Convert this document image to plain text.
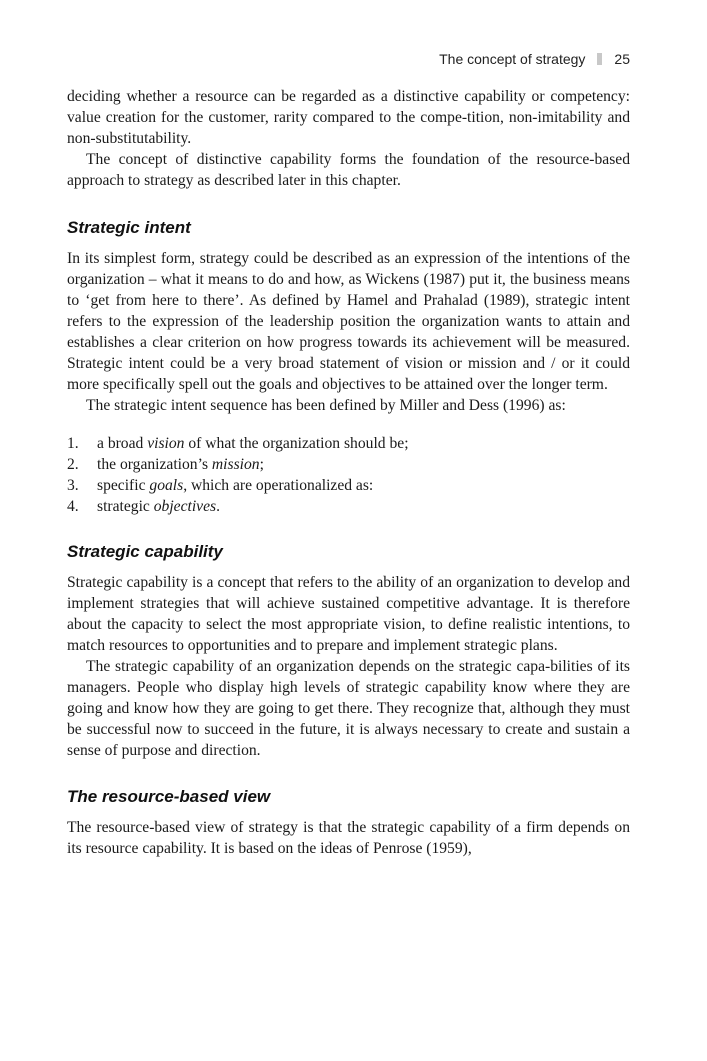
The concept of strategy 25

deciding whether a resource can be regarded as a distinctive capability or competency: value creation for the customer, rarity compared to the compe-tition, non-imitability and non-substitutability.

The concept of distinctive capability forms the foundation of the resource-based approach to strategy as described later in this chapter.

Strategic intent

In its simplest form, strategy could be described as an expression of the intentions of the organization – what it means to do and how, as Wickens (1987) put it, the business means to ‘get from here to there’. As defined by Hamel and Prahalad (1989), strategic intent refers to the expression of the leadership position the organization wants to attain and establishes a clear criterion on how progress towards its achievement will be measured. Strategic intent could be a very broad statement of vision or mission and / or it could more specifically spell out the goals and objectives to be attained over the longer term.

The strategic intent sequence has been defined by Miller and Dess (1996) as:

1.	a broad vision of what the organization should be;
2.	the organization’s mission;
3.	specific goals, which are operationalized as:
4.	strategic objectives.
Strategic capability

Strategic capability is a concept that refers to the ability of an organization to develop and implement strategies that will achieve sustained competitive advantage. It is therefore about the capacity to select the most appropriate vision, to define realistic intentions, to match resources to opportunities and to prepare and implement strategic plans.

The strategic capability of an organization depends on the strategic capa-bilities of its managers. People who display high levels of strategic capability know where they are going and know how they are going to get there. They recognize that, although they must be successful now to succeed in the future, it is always necessary to create and sustain a sense of purpose and direction.

The resource-based view

The resource-based view of strategy is that the strategic capability of a firm depends on its resource capability. It is based on the ideas of Penrose (1959),
